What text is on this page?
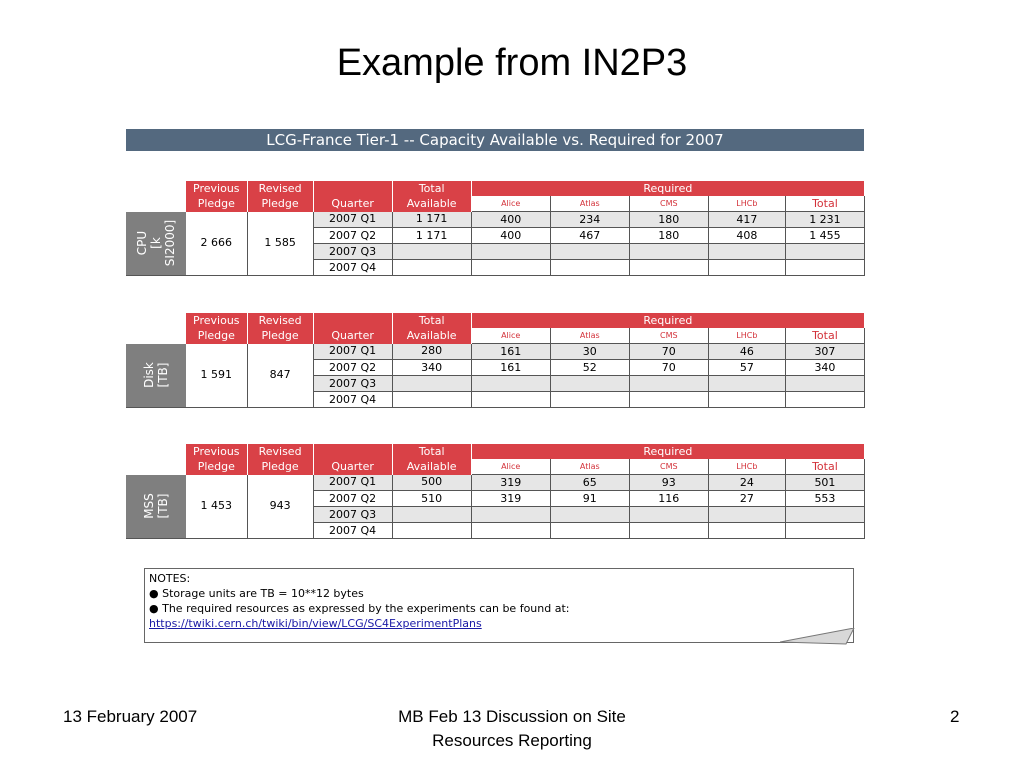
Example from IN2P3
LCG-France Tier-1 -- Capacity Available vs. Required for 2007
	Previous	Revised		Total	Required				
	Pledge	Pledge	Quarter	Available	Alice	Atlas	CMS	LHCb	Total

CPU [k SI2000]	2 666	1 585	2007 Q1	1 171	400	234	180	417	1 231
			2007 Q2	1 171	400	467	180	408	1 455
			2007 Q3						
			2007 Q4						
	Previous	Revised		Total	Required				
	Pledge	Pledge	Quarter	Available	Alice	Atlas	CMS	LHCb	Total

Disk [TB]	1 591	847	2007 Q1	280	161	30	70	46	307
			2007 Q2	340	161	52	70	57	340
			2007 Q3						
			2007 Q4						
	Previous	Revised		Total	Required				
	Pledge	Pledge	Quarter	Available	Alice	Atlas	CMS	LHCb	Total

MSS [TB]	1 453	943	2007 Q1	500	319	65	93	24	501
			2007 Q2	510	319	91	116	27	553
			2007 Q3						
			2007 Q4						
NOTES:
● Storage units are TB = 10**12 bytes
● The required resources as expressed by the experiments can be found at:
https://twiki.cern.ch/twiki/bin/view/LCG/SC4ExperimentPlans
13 February 2007	MB Feb 13 Discussion on Site
Resources Reporting
2
